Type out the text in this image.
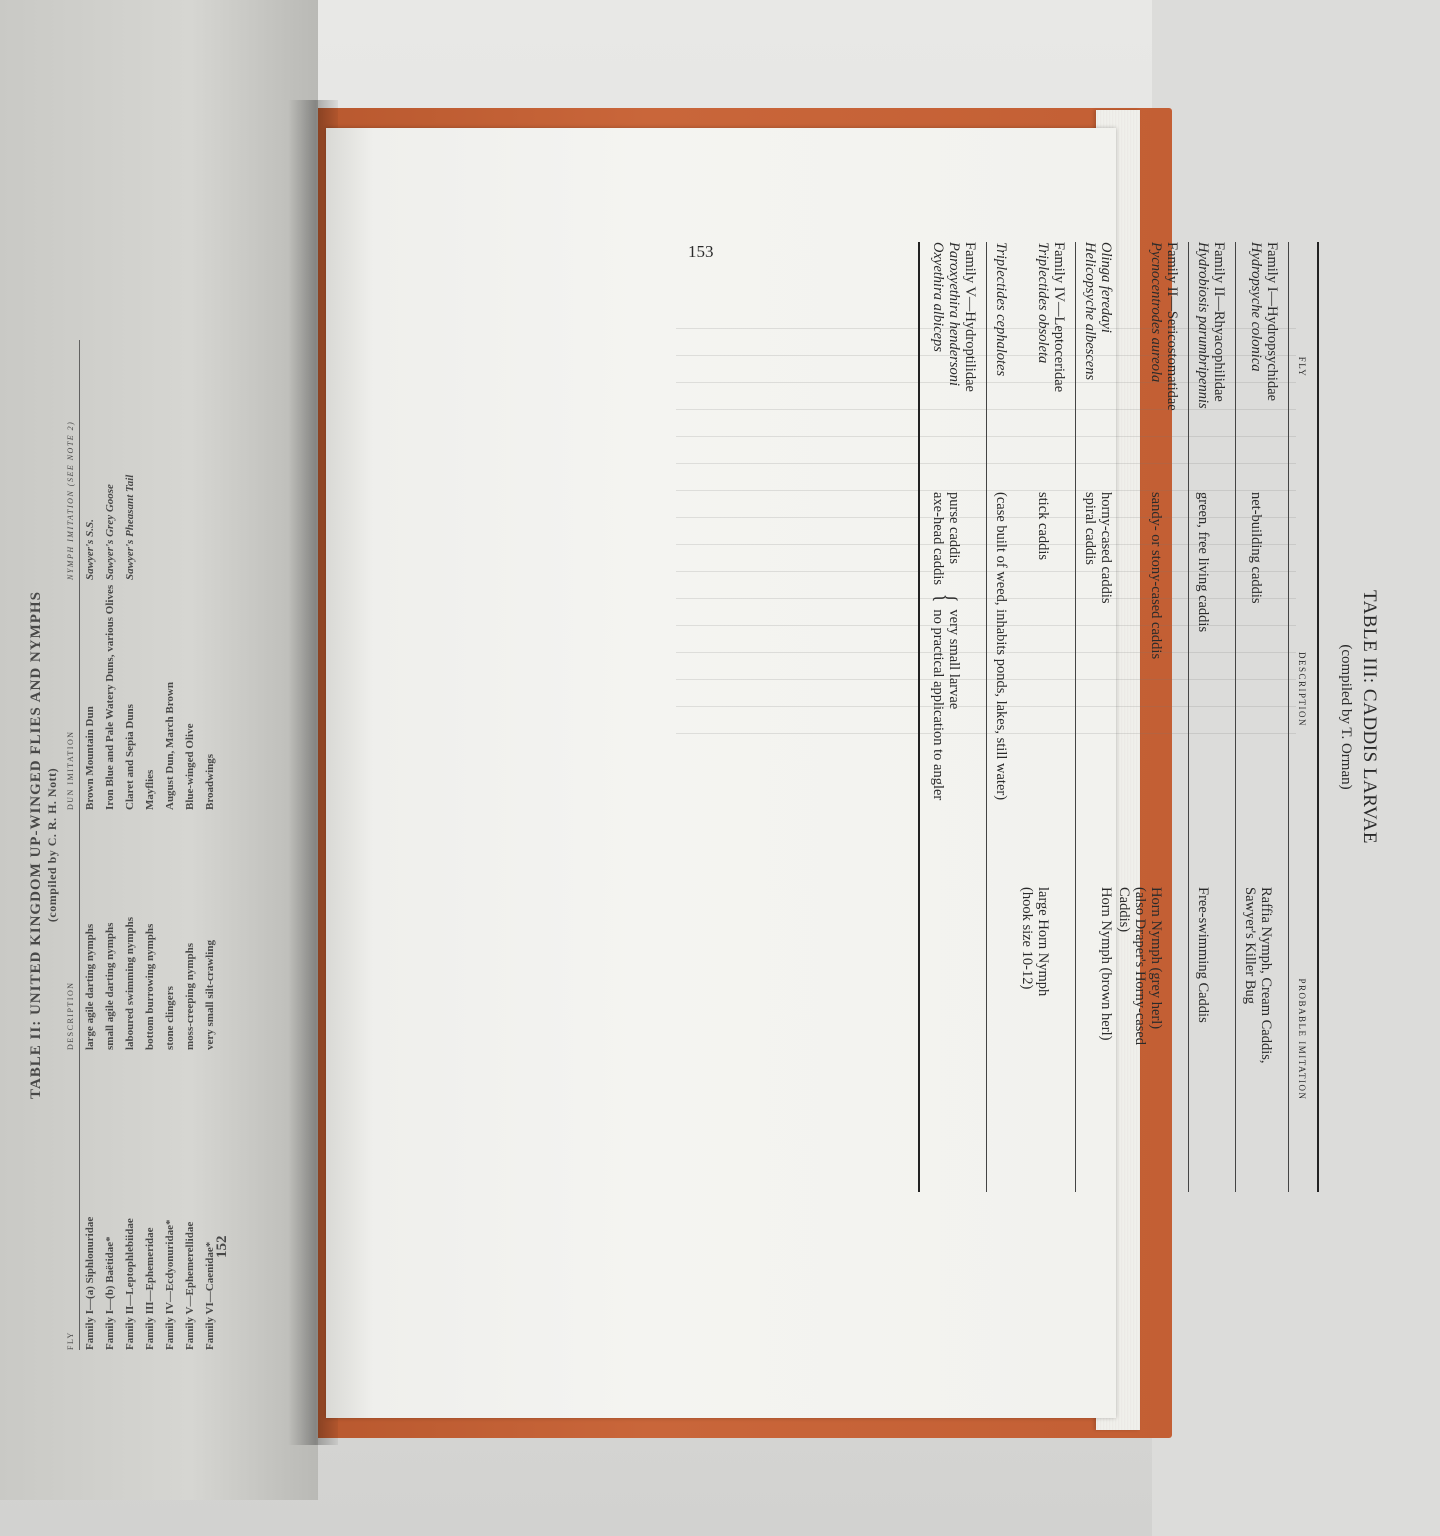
TABLE II: UNITED KINGDOM UP-WINGED FLIES AND NYMPHS (compiled by C. R. H. Nott)
FLY
DESCRIPTION
DUN IMITATION
NYMPH IMITATION (SEE NOTE 2)
Family I—(a) Siphlonuridae
large agile darting nymphs
Brown Mountain Dun
Sawyer's S.S.
Family I—(b) Baëtidae*
small agile darting nymphs
Iron Blue and Pale Watery Duns, various Olives
Sawyer's Grey Goose
Family II—Leptophlebiidae
laboured swimming nymphs
Claret and Sepia Duns
Sawyer's Pheasant Tail
Family III—Ephemeridae
bottom burrowing nymphs
Mayflies
Family IV—Ecdyonuridae*
stone clingers
August Dun, March Brown
Family V—Ephemerellidae
moss-creeping nymphs
Blue-winged Olive
Family VI—Caenidae*
very small silt-crawling
Broadwings
152
TABLE III: CADDIS LARVAE
(compiled by T. Orman)
FLY
DESCRIPTION
PROBABLE IMITATION
Family I—Hydropsychidae
Hydropsyche colonica
net-building caddis
Raffia Nymph, Cream Caddis,
Sawyer's Killer Bug
Family II—Rhyacophilidae
Hydrobiosis parumbripennis
green, free living caddis
Free-swimming Caddis
Family II—Sericostomatidae
Pycnocentrodes aureola
sandy- or stony-cased caddis
Horn Nymph (grey herl)
(also Draper's Horny-cased
Caddis)
Olinga feredayi
Helicopsyche albescens
horny-cased caddis
spiral caddis
Horn Nymph (brown herl)
Family IV—Leptoceridae
Triplectides obsoleta
stick caddis
large Horn Nymph
(hook size 10-12)
Triplectides cephalotes
(case built of weed, inhabits ponds, lakes, still water)
Family V—Hydroptilidae
Paroxyethira hendersoni
Oxyethira albiceps
purse caddis
axe-head caddis
{
very small larvae
no practical application to angler
153
